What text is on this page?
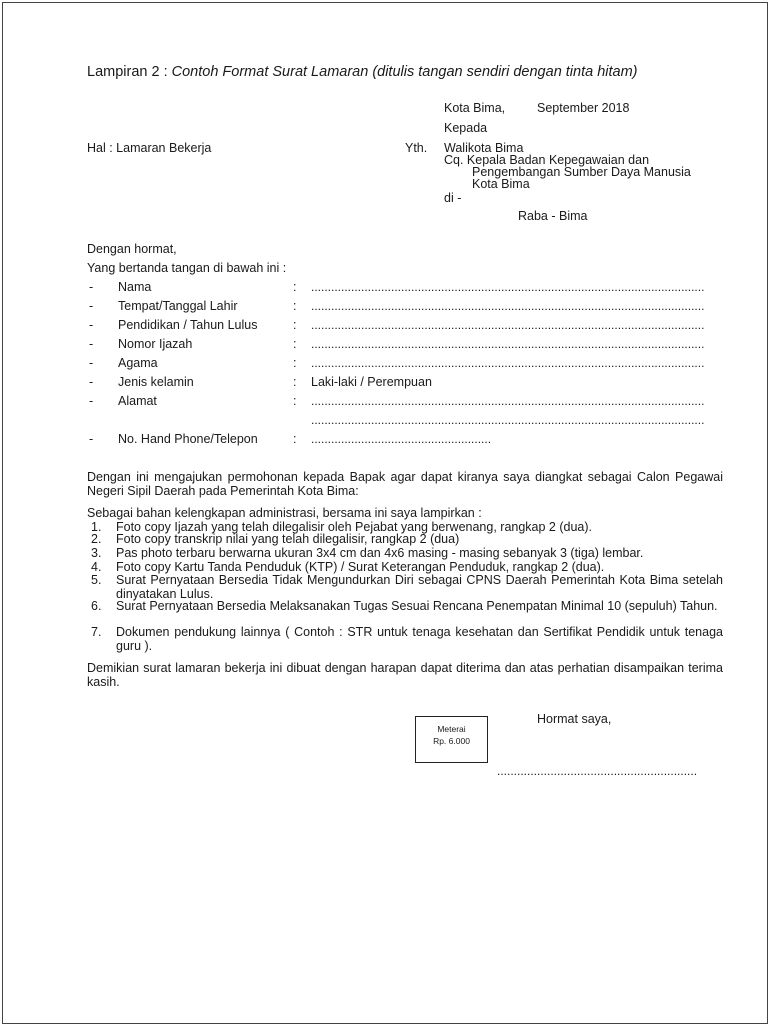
Lampiran 2 : Contoh Format Surat Lamaran (ditulis tangan sendiri dengan tinta hitam)
Kota Bima,	September 2018
Kepada
Hal : Lamaran Bekerja	Yth. Walikota Bima
Cq. Kepala Badan Kepegawaian dan
Pengembangan Sumber Daya Manusia
Kota Bima
di -
Raba - Bima
Dengan hormat,
Yang bertanda tangan di bawah ini :
- Nama	: ......................................................................................................................
- Tempat/Tanggal Lahir	: ......................................................................................................................
- Pendidikan / Tahun Lulus	: ......................................................................................................................
- Nomor Ijazah	: ......................................................................................................................
- Agama	: ......................................................................................................................
- Jenis kelamin	: Laki-laki / Perempuan
- Alamat	: ......................................................................................................................
......................................................................................................................
- No. Hand Phone/Telepon	: ......................................................
Dengan ini mengajukan permohonan kepada Bapak agar dapat kiranya saya diangkat sebagai Calon Pegawai Negeri Sipil Daerah pada Pemerintah Kota Bima:
Sebagai bahan kelengkapan administrasi, bersama ini saya lampirkan :
1. Foto copy Ijazah yang telah dilegalisir oleh Pejabat yang berwenang, rangkap 2 (dua).
2. Foto copy transkrip nilai yang telah dilegalisir, rangkap 2 (dua)
3. Pas photo terbaru berwarna ukuran 3x4 cm dan 4x6 masing - masing sebanyak 3 (tiga) lembar.
4. Foto copy Kartu Tanda Penduduk (KTP) / Surat Keterangan Penduduk, rangkap 2 (dua).
5. Surat Pernyataan Bersedia Tidak Mengundurkan Diri sebagai CPNS Daerah Pemerintah Kota Bima setelah dinyatakan Lulus.
6. Surat Pernyataan Bersedia Melaksanakan Tugas Sesuai Rencana Penempatan Minimal 10 (sepuluh) Tahun.
7. Dokumen pendukung lainnya ( Contoh : STR untuk tenaga kesehatan dan Sertifikat Pendidik untuk tenaga guru ).
Demikian surat lamaran bekerja ini dibuat dengan harapan dapat diterima dan atas perhatian disampaikan terima kasih.
Meterai
Rp. 6.000
Hormat saya,
............................................................
